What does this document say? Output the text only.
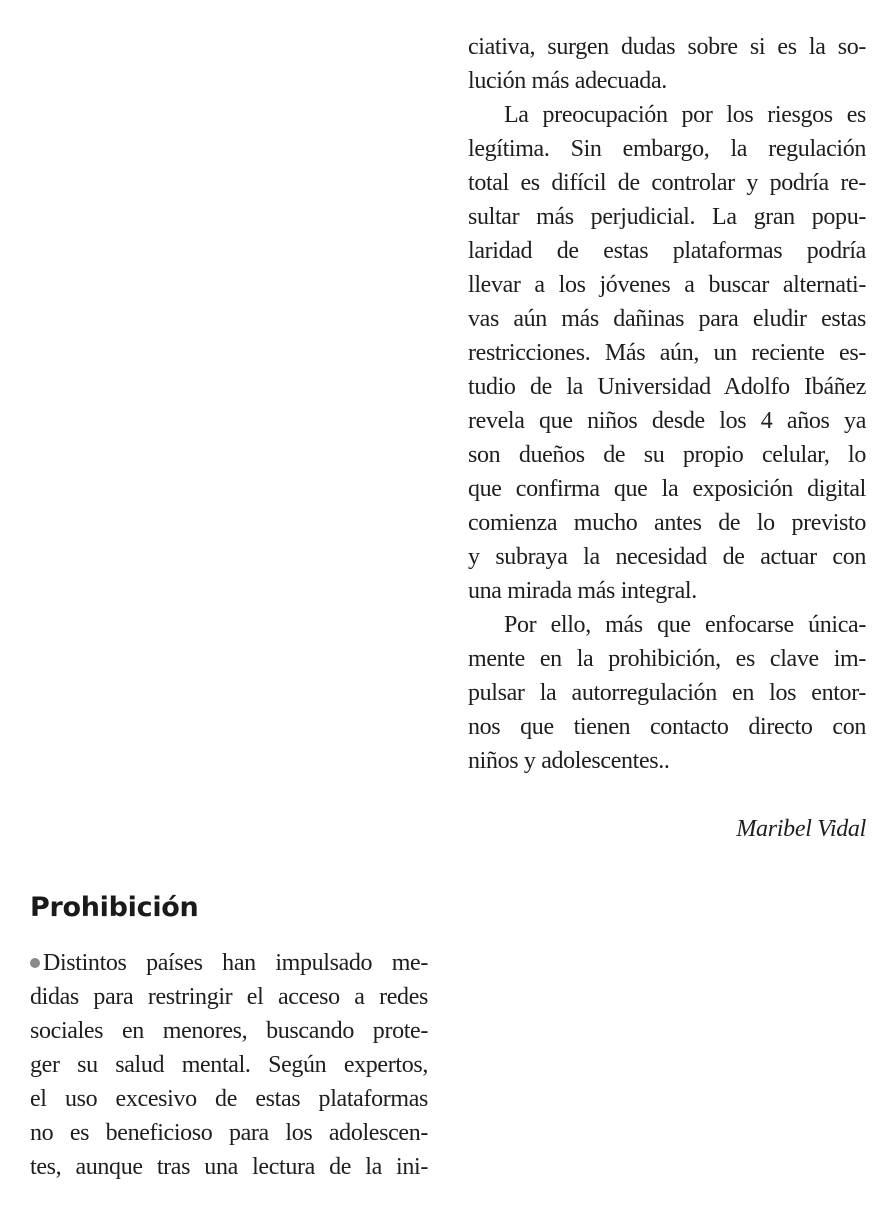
ciativa, surgen dudas sobre si es la so-
lución más adecuada.
La preocupación por los riesgos es
legítima. Sin embargo, la regulación
total es difícil de controlar y podría re-
sultar más perjudicial. La gran popu-
laridad de estas plataformas podría
llevar a los jóvenes a buscar alternati-
vas aún más dañinas para eludir estas
restricciones. Más aún, un reciente es-
tudio de la Universidad Adolfo Ibáñez
revela que niños desde los 4 años ya
son dueños de su propio celular, lo
que confirma que la exposición digital
comienza mucho antes de lo previsto
y subraya la necesidad de actuar con
una mirada más integral.
Por ello, más que enfocarse única-
mente en la prohibición, es clave im-
pulsar la autorregulación en los entor-
nos que tienen contacto directo con
niños y adolescentes..
Maribel Vidal
Prohibición
Distintos países han impulsado me-
didas para restringir el acceso a redes
sociales en menores, buscando prote-
ger su salud mental. Según expertos,
el uso excesivo de estas plataformas
no es beneficioso para los adolescen-
tes, aunque tras una lectura de la ini-
